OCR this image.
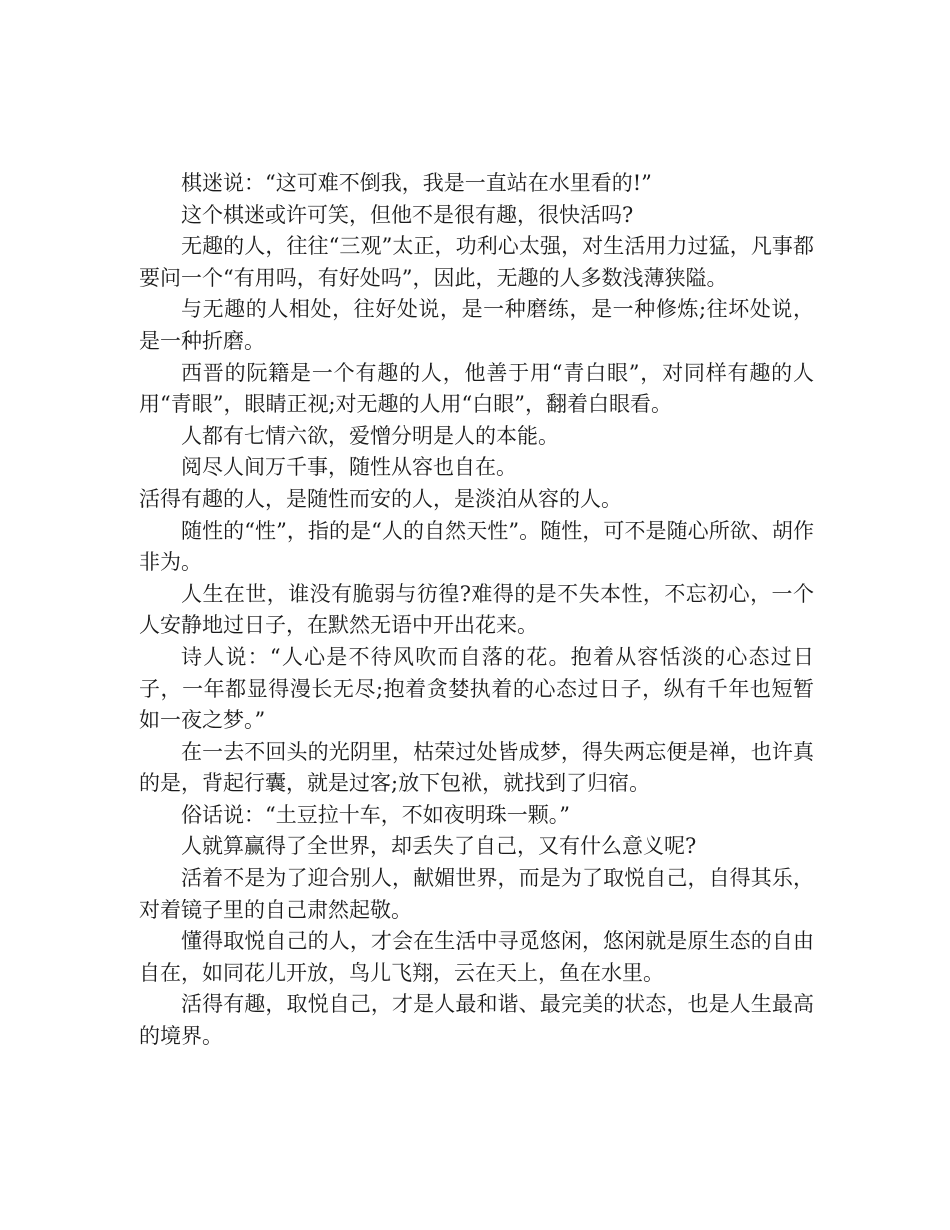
棋迷说：“这可难不倒我，我是一直站在水里看的!”

这个棋迷或许可笑，但他不是很有趣，很快活吗?

无趣的人，往往“三观”太正，功利心太强，对生活用力过猛，凡事都要问一个“有用吗，有好处吗”，因此，无趣的人多数浅薄狭隘。

与无趣的人相处，往好处说，是一种磨练，是一种修炼;往坏处说，是一种折磨。

西晋的阮籍是一个有趣的人，他善于用“青白眼”，对同样有趣的人用“青眼”，眼睛正视;对无趣的人用“白眼”，翻着白眼看。

人都有七情六欲，爱憎分明是人的本能。

阅尽人间万千事，随性从容也自在。

活得有趣的人，是随性而安的人，是淡泊从容的人。

随性的“性”，指的是“人的自然天性”。随性，可不是随心所欲、胡作非为。

人生在世，谁没有脆弱与彷徨?难得的是不失本性，不忘初心，一个人安静地过日子，在默然无语中开出花来。

诗人说：“人心是不待风吹而自落的花。抱着从容恬淡的心态过日子，一年都显得漫长无尽;抱着贪婪执着的心态过日子，纵有千年也短暂如一夜之梦。”

在一去不回头的光阴里，枯荣过处皆成梦，得失两忘便是禅，也许真的是，背起行囊，就是过客;放下包袱，就找到了归宿。

俗话说：“土豆拉十车，不如夜明珠一颗。”

人就算赢得了全世界，却丢失了自己，又有什么意义呢?

活着不是为了迎合别人，献媚世界，而是为了取悦自己，自得其乐，对着镜子里的自己肃然起敬。

懂得取悦自己的人，才会在生活中寻觅悠闲，悠闲就是原生态的自由自在，如同花儿开放，鸟儿飞翔，云在天上，鱼在水里。

活得有趣，取悦自己，才是人最和谐、最完美的状态，也是人生最高的境界。
